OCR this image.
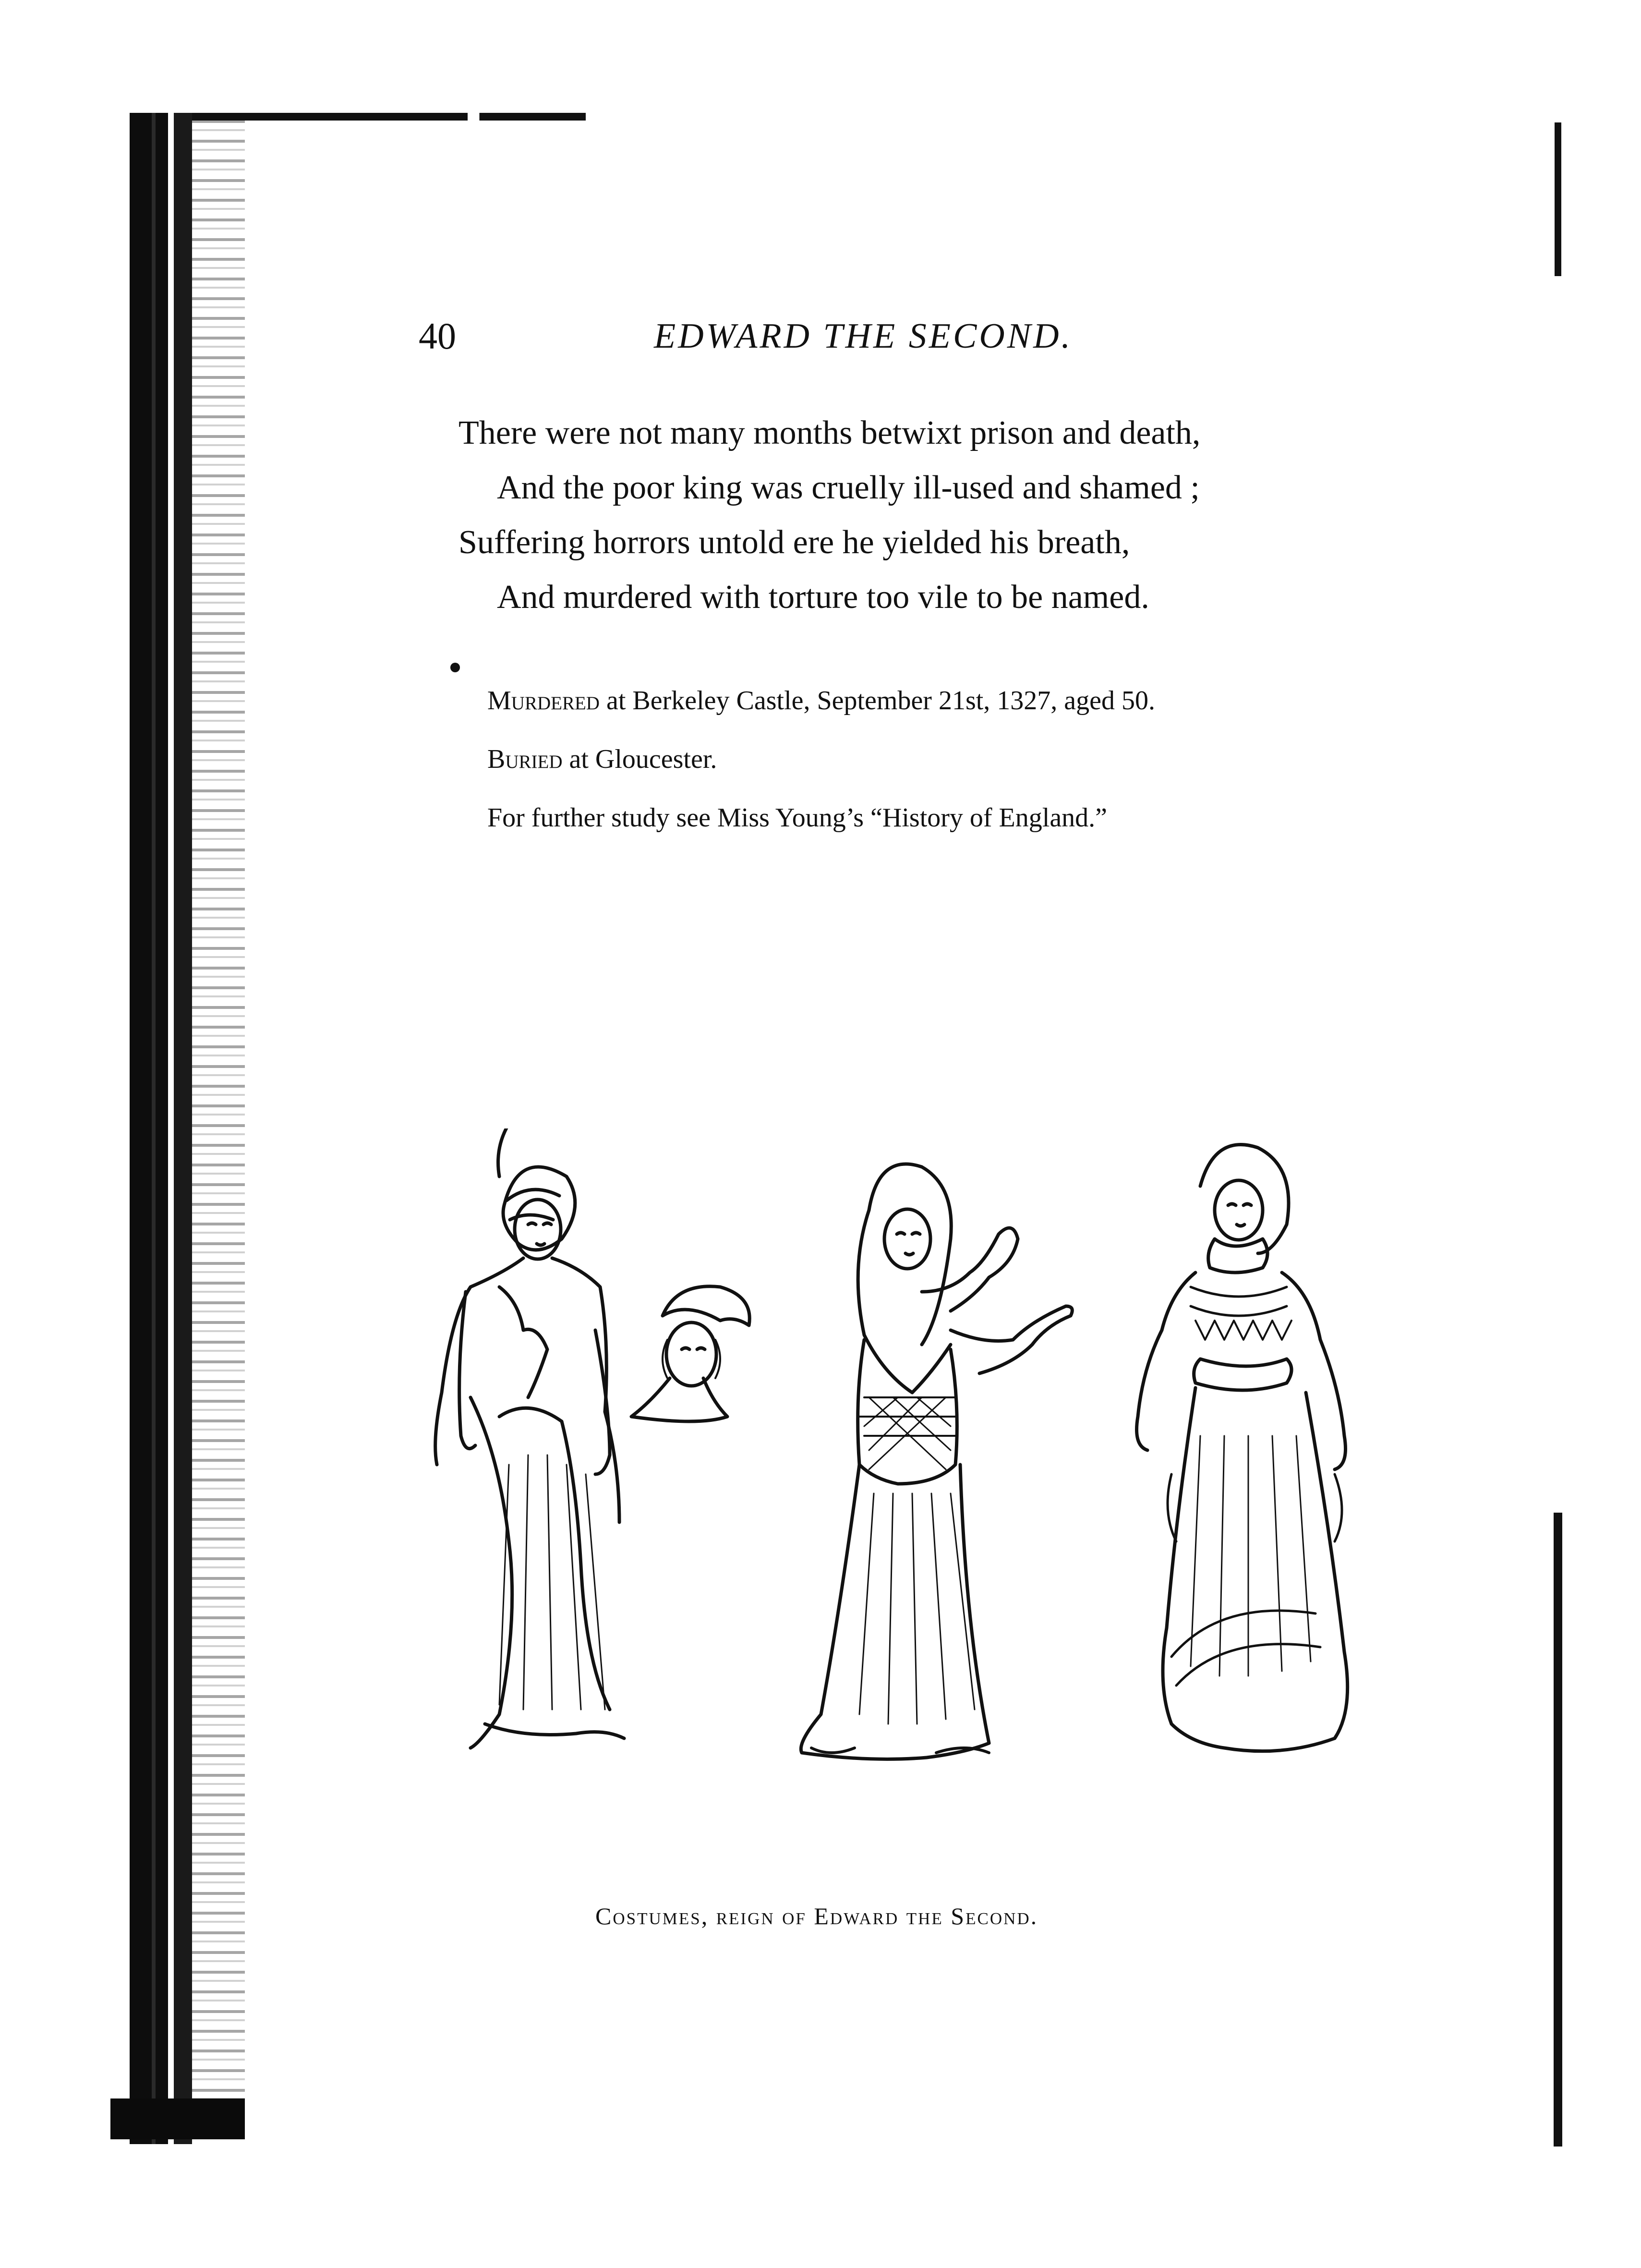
40	EDWARD THE SECOND.
There were not many months betwixt prison and death,
And the poor king was cruelly ill-used and shamed ;
Suffering horrors untold ere he yielded his breath,
And murdered with torture too vile to be named.
Murdered at Berkeley Castle, September 21st, 1327, aged 50.
Buried at Gloucester.
For further study see Miss Young’s “History of England.”
Costumes, reign of Edward the Second.
